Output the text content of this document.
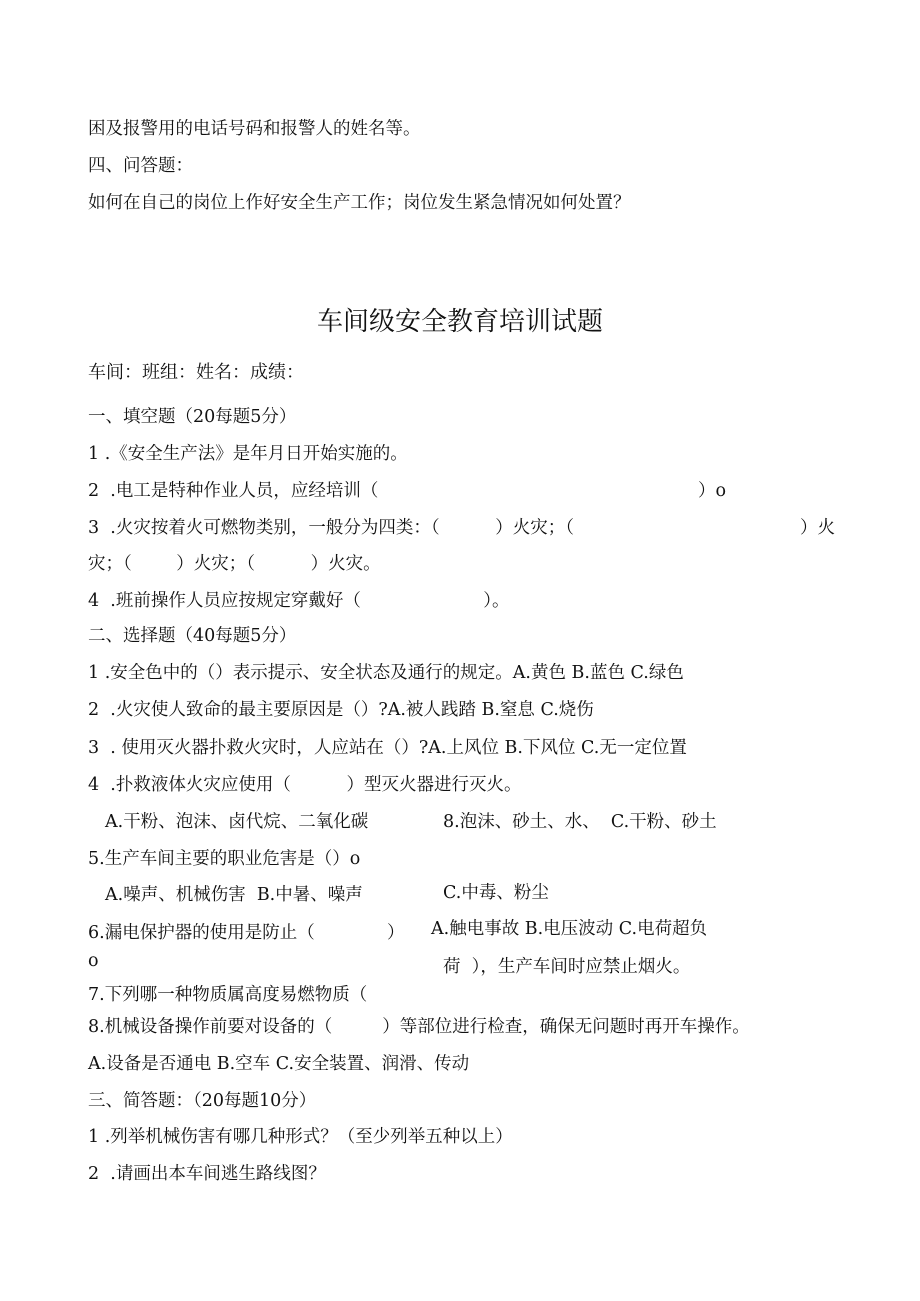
困及报警用的电话号码和报警人的姓名等。
四、问答题：
如何在自己的岗位上作好安全生产工作；岗位发生紧急情况如何处置？
车间级安全教育培训试题
车间：班组：姓名：成绩：
一、填空题（20每题5分）
1 .《安全生产法》是年月日开始实施的。
2  .电工是特种作业人员，应经培训（	）o
3  .火灾按着火可燃物类别，一般分为四类：（          ）火灾；（	）火
灾；（        ）火灾；（          ）火灾。
4  .班前操作人员应按规定穿戴好（                      ）。
二、选择题（40每题5分）
1 .安全色中的（）表示提示、安全状态及通行的规定。A.黄色 B.蓝色 C.绿色
2  .火灾使人致命的最主要原因是（）?A.被人践踏 B.窒息 C.烧伤
3  . 使用灭火器扑救火灾时，人应站在（）?A.上风位 B.下风位 C.无一定位置
4  .扑救液体火灾应使用（          ）型灭火器进行灭火。
A.干粉、泡沫、卤代烷、二氧化碳	8.泡沫、砂土、水、  C.干粉、砂土
5.生产车间主要的职业危害是（）o
A.噪声、机械伤害  B.中暑、噪声	C.中毒、粉尘
6.漏电保护器的使用是防止（             ） A.触电事故 B.电压波动 C.电荷超负
o	荷  ），生产车间时应禁止烟火。
7.下列哪一种物质属高度易燃物质（
8.机械设备操作前要对设备的（         ）等部位进行检查，确保无问题时再开车操作。
A.设备是否通电 B.空车 C.安全装置、润滑、传动
三、简答题：（20每题10分）
1 .列举机械伤害有哪几种形式？（至少列举五种以上）
2  .请画出本车间逃生路线图？
